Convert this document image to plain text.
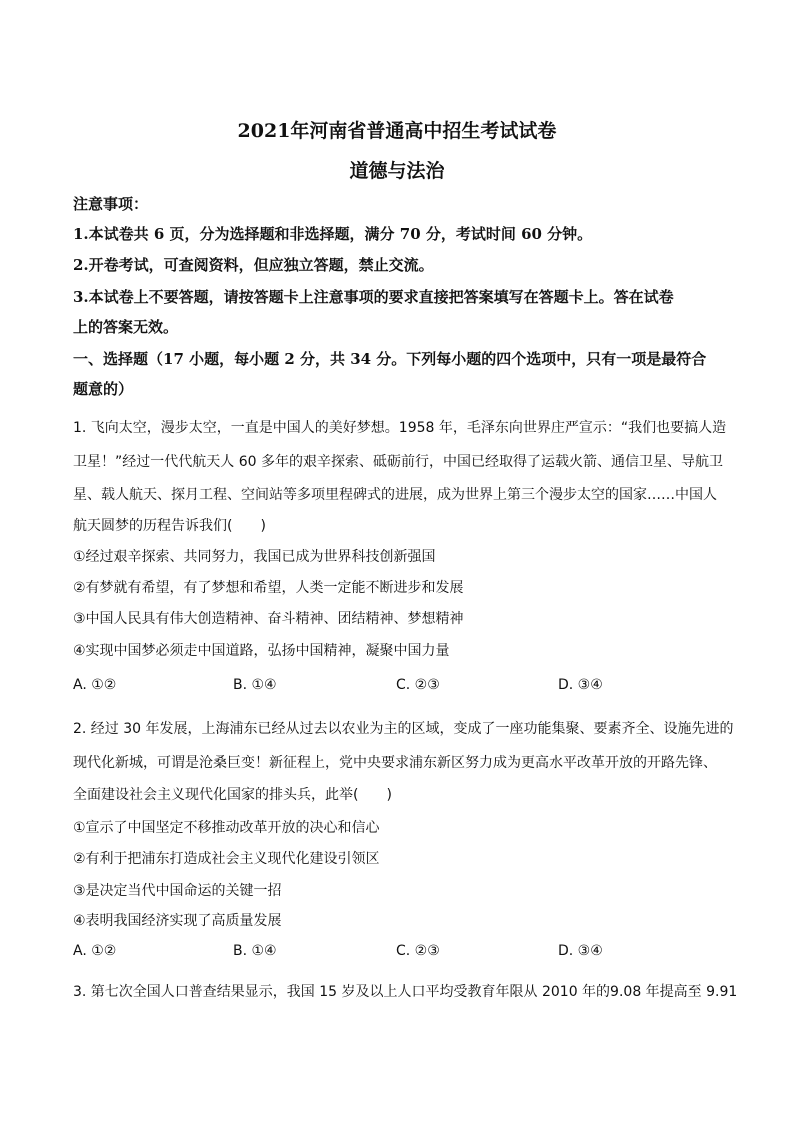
2021年河南省普通高中招生考试试卷
道德与法治
注意事项：
1.本试卷共 6 页，分为选择题和非选择题，满分 70 分，考试时间 60 分钟。
2.开卷考试，可查阅资料，但应独立答题，禁止交流。
3.本试卷上不要答题，请按答题卡上注意事项的要求直接把答案填写在答题卡上。答在试卷
上的答案无效。
一、选择题（17 小题，每小题 2 分，共 34 分。下列每小题的四个选项中，只有一项是最符合
题意的）
1. 飞向太空，漫步太空，一直是中国人的美好梦想。1958 年，毛泽东向世界庄严宣示：“我们也要搞人造
卫星！”经过一代代航天人 60 多年的艰辛探索、砥砺前行，中国已经取得了运载火箭、通信卫星、导航卫
星、载人航天、探月工程、空间站等多项里程碑式的进展，成为世界上第三个漫步太空的国家……中国人
航天圆梦的历程告诉我们(　　)
①经过艰辛探索、共同努力，我国已成为世界科技创新强国
②有梦就有希望，有了梦想和希望，人类一定能不断进步和发展
③中国人民具有伟大创造精神、奋斗精神、团结精神、梦想精神
④实现中国梦必须走中国道路，弘扬中国精神，凝聚中国力量
A. ①②	B. ①④	C. ②③	D. ③④
2. 经过 30 年发展，上海浦东已经从过去以农业为主的区域，变成了一座功能集聚、要素齐全、设施先进的
现代化新城，可谓是沧桑巨变！新征程上，党中央要求浦东新区努力成为更高水平改革开放的开路先锋、
全面建设社会主义现代化国家的排头兵，此举(　　)
①宣示了中国坚定不移推动改革开放的决心和信心
②有利于把浦东打造成社会主义现代化建设引领区
③是决定当代中国命运的关键一招
④表明我国经济实现了高质量发展
A. ①②	B. ①④	C. ②③	D. ③④
3. 第七次全国人口普查结果显示，我国 15 岁及以上人口平均受教育年限从 2010 年的9.08 年提高至 9.91
